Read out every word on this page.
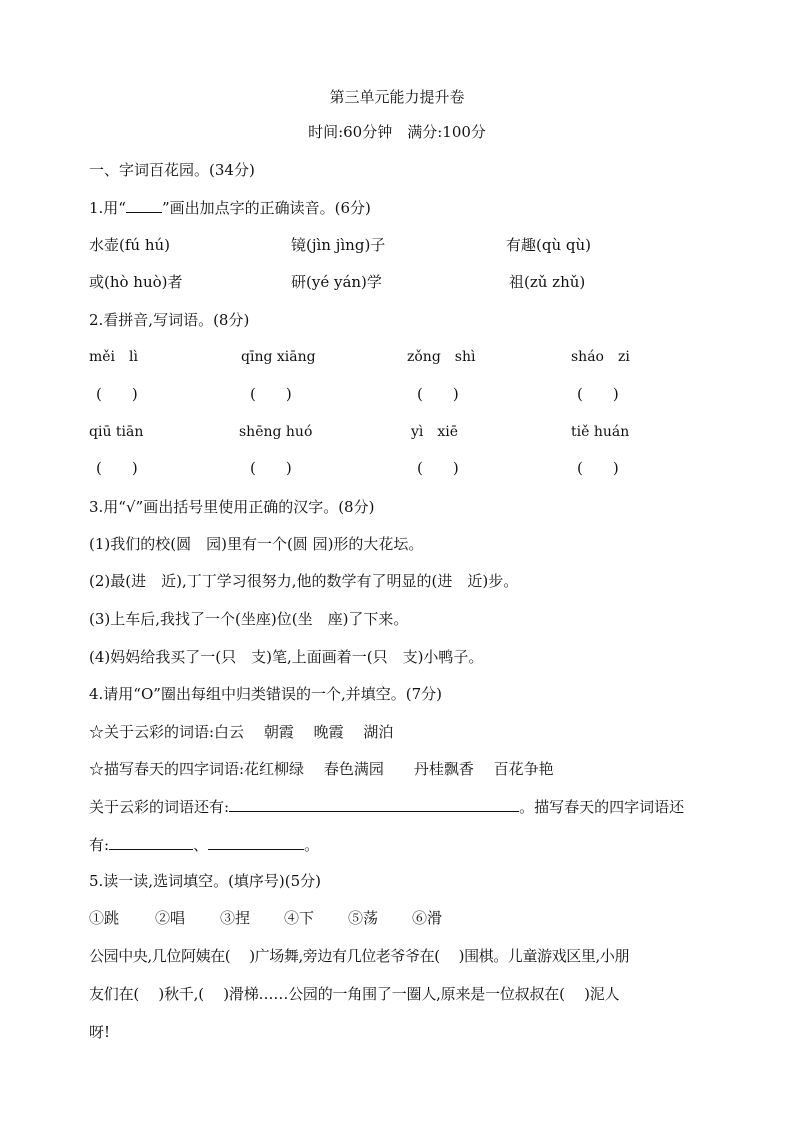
第三单元能力提升卷
时间:60分钟　满分:100分
一、字词百花园。(34分)
1.用“ ”画出加点字的正确读音。(6分)
水壶(fú hú)	镜(jìn jìng)子	有趣(qù qù)
或(hò huò)者	研(yé yán)学	祖(zǔ zhǔ)
2.看拼音,写词语。(8分)
měi　lì	qīng xiāng	zǒng　shì	sháo　zi
(　　)	(　　)	(　　)	(　　)
qiū tiān	shēng huó	yì　xiē	tiě huán
(　　)	(　　)	(　　)	(　　)
3.用“√”画出括号里使用正确的汉字。(8分)
(1)我们的校(圆　园)里有一个(圆 园)形的大花坛。
(2)最(进　近),丁丁学习很努力,他的数学有了明显的(进　近)步。
(3)上车后,我找了一个(坐座)位(坐　座)了下来。
(4)妈妈给我买了一(只　支)笔,上面画着一(只　支)小鸭子。
4.请用“O”圈出每组中归类错误的一个,并填空。(7分)
☆关于云彩的词语:白云　 朝霞　 晚霞　 湖泊
☆描写春天的四字词语:花红柳绿　 春色满园　　丹桂飘香　 百花争艳
关于云彩的词语还有:	。描写春天的四字词语还
有:	、	。
5.读一读,选词填空。(填序号)(5分)
①跳 ②唱 ③捏 ④下 ⑤荡 ⑥滑
公园中央,几位阿姨在(　 )广场舞,旁边有几位老爷爷在(　 )围棋。儿童游戏区里,小朋
友们在(　 )秋千,(　 )滑梯……公园的一角围了一圈人,原来是一位叔叔在(　 )泥人
呀!
